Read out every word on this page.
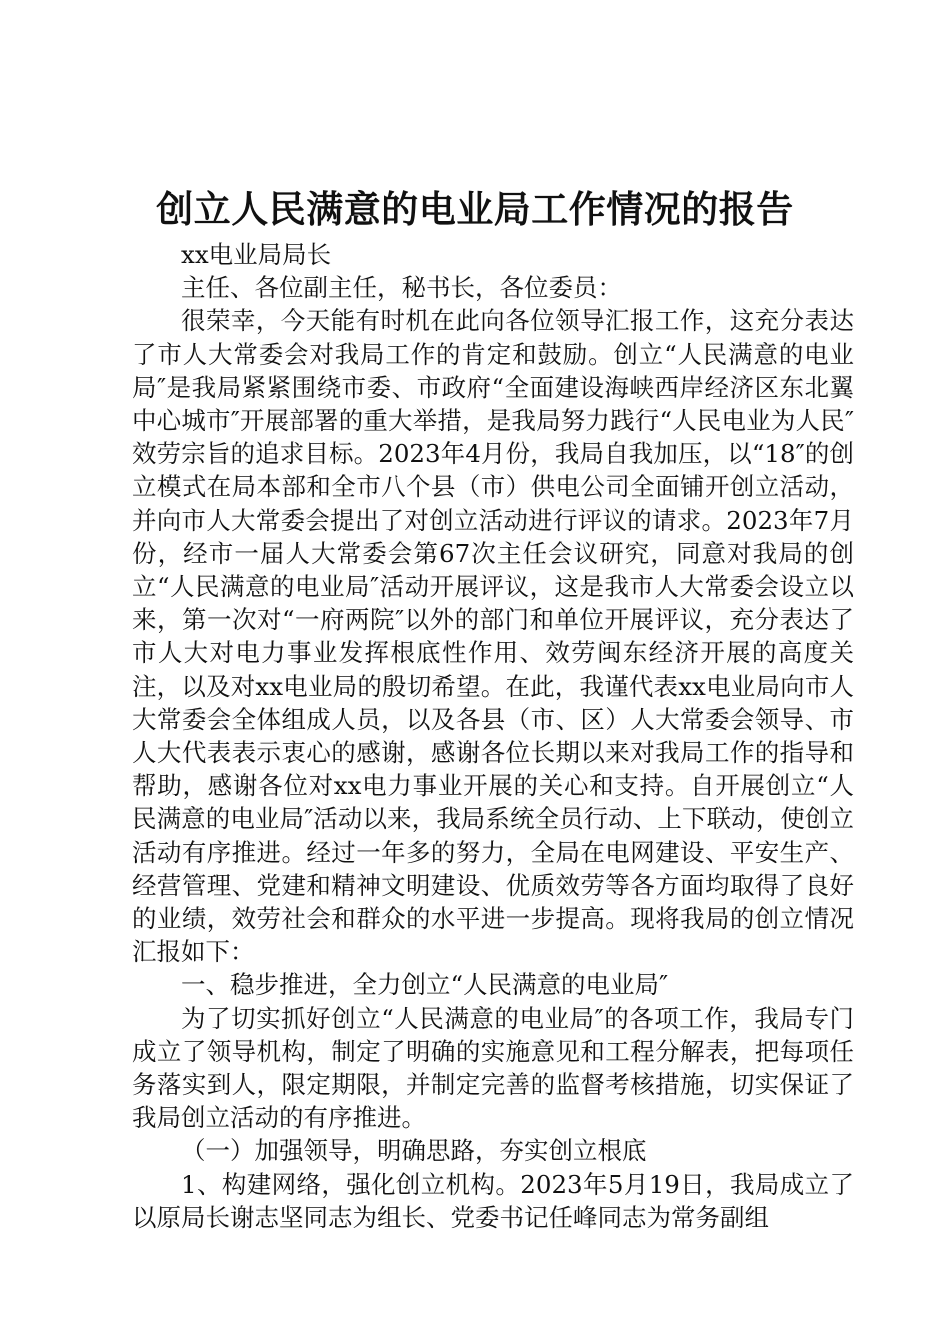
创立人民满意的电业局工作情况的报告

xx电业局局长

主任、各位副主任，秘书长，各位委员：

很荣幸，今天能有时机在此向各位领导汇报工作，这充分表达了市人大常委会对我局工作的肯定和鼓励。创立“人民满意的电业局″是我局紧紧围绕市委、市政府“全面建设海峡西岸经济区东北翼中心城市″开展部署的重大举措，是我局努力践行“人民电业为人民″效劳宗旨的追求目标。2023年4月份，我局自我加压，以“18″的创立模式在局本部和全市八个县（市）供电公司全面铺开创立活动，并向市人大常委会提出了对创立活动进行评议的请求。2023年7月份，经市一届人大常委会第67次主任会议研究，同意对我局的创立“人民满意的电业局″活动开展评议，这是我市人大常委会设立以来，第一次对“一府两院″以外的部门和单位开展评议，充分表达了市人大对电力事业发挥根底性作用、效劳闽东经济开展的高度关注，以及对xx电业局的殷切希望。在此，我谨代表xx电业局向市人大常委会全体组成人员，以及各县（市、区）人大常委会领导、市人大代表表示衷心的感谢，感谢各位长期以来对我局工作的指导和帮助，感谢各位对xx电力事业开展的关心和支持。自开展创立“人民满意的电业局″活动以来，我局系统全员行动、上下联动，使创立活动有序推进。经过一年多的努力，全局在电网建设、平安生产、经营管理、党建和精神文明建设、优质效劳等各方面均取得了良好的业绩，效劳社会和群众的水平进一步提高。现将我局的创立情况汇报如下：

一、稳步推进，全力创立“人民满意的电业局″

为了切实抓好创立“人民满意的电业局″的各项工作，我局专门成立了领导机构，制定了明确的实施意见和工程分解表，把每项任务落实到人，限定期限，并制定完善的监督考核措施，切实保证了我局创立活动的有序推进。

（一）加强领导，明确思路，夯实创立根底

1、构建网络，强化创立机构。2023年5月19日，我局成立了以原局长谢志坚同志为组长、党委书记任峰同志为常务副组
